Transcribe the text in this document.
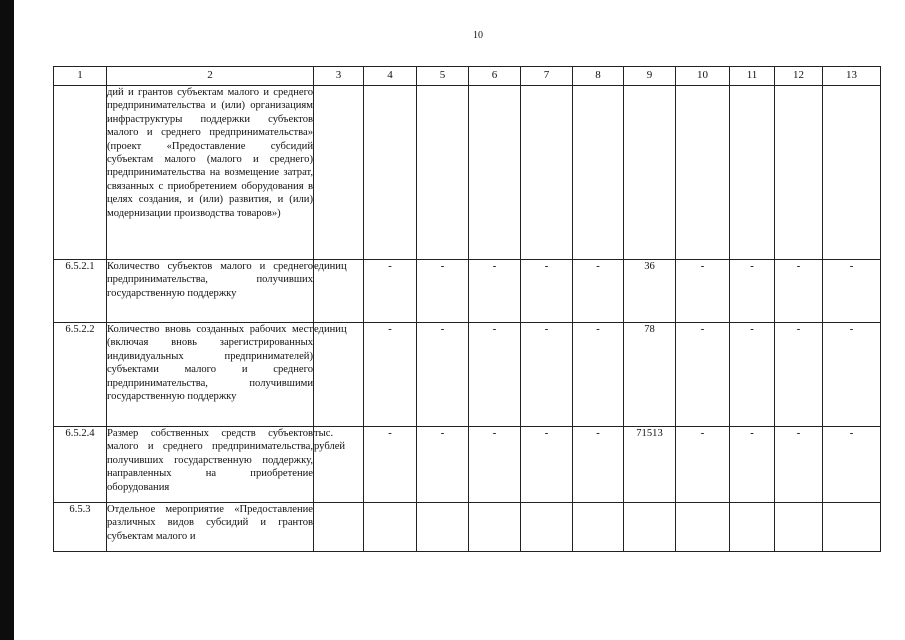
10
1	2	3	4	5	6	7	8	9	10	11	12	13
	дий и грантов субъектам малого и среднего предпринимательства и (или) организациям инфраструктуры поддержки субъектов малого и среднего предпринимательства» (проект «Предоставление субсидий субъектам малого (малого и среднего) предпринимательства на возмещение затрат, связанных с приобретением оборудования в целях создания, и (или) развития, и (или) модернизации производства товаров»)											
6.5.2.1	Количество субъектов малого и среднего предпринимательства, получивших государственную поддержку	единиц	-	-	-	-	-	36	-	-	-	-
6.5.2.2	Количество вновь созданных рабочих мест (включая вновь зарегистрированных индивидуальных предпринимателей) субъектами малого и среднего предпринимательства, получившими государственную поддержку	единиц	-	-	-	-	-	78	-	-	-	-
6.5.2.4	Размер собственных средств субъектов малого и среднего предпринимательства, получивших государственную поддержку, направленных на приобретение оборудования	тыс. рублей	-	-	-	-	-	71513	-	-	-	-
6.5.3	Отдельное мероприятие «Предоставление различных видов субсидий и грантов субъектам малого и											
